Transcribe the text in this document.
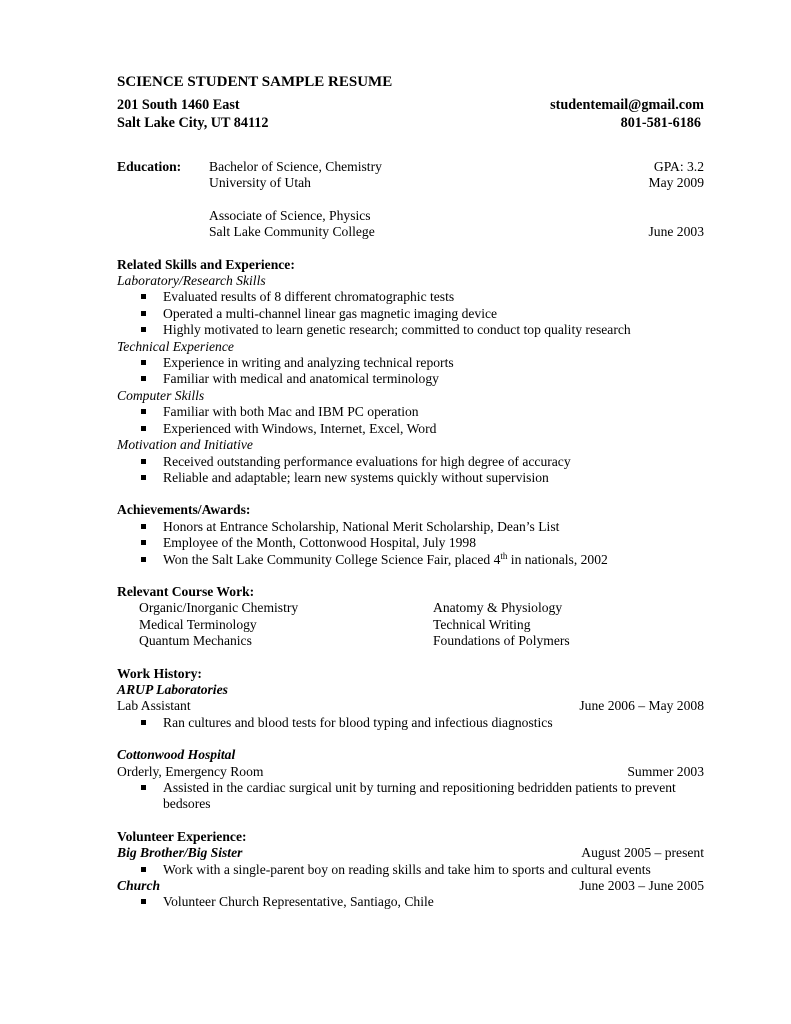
SCIENCE STUDENT SAMPLE RESUME
201 South 1460 East	studentemail@gmail.com
Salt Lake City, UT 84112	801-581-6186
Education:	Bachelor of Science, Chemistry	GPA: 3.2
University of Utah	May 2009
Associate of Science, Physics
Salt Lake Community College	June 2003
Related Skills and Experience:
Laboratory/Research Skills
Evaluated results of 8 different chromatographic tests
Operated a multi-channel linear gas magnetic imaging device
Highly motivated to learn genetic research; committed to conduct top quality research
Technical Experience
Experience in writing and analyzing technical reports
Familiar with medical and anatomical terminology
Computer Skills
Familiar with both Mac and IBM PC operation
Experienced with Windows, Internet, Excel, Word
Motivation and Initiative
Received outstanding performance evaluations for high degree of accuracy
Reliable and adaptable; learn new systems quickly without supervision
Achievements/Awards:
Honors at Entrance Scholarship, National Merit Scholarship, Dean’s List
Employee of the Month, Cottonwood Hospital, July 1998
Won the Salt Lake Community College Science Fair, placed 4th in nationals, 2002
Relevant Course Work:
Organic/Inorganic Chemistry	Anatomy & Physiology
Medical Terminology	Technical Writing
Quantum Mechanics	Foundations of Polymers
Work History:
ARUP Laboratories
Lab Assistant	June 2006 – May 2008
Ran cultures and blood tests for blood typing and infectious diagnostics
Cottonwood Hospital
Orderly, Emergency Room	Summer 2003
Assisted in the cardiac surgical unit by turning and repositioning bedridden patients to prevent bedsores
Volunteer Experience:
Big Brother/Big Sister	August 2005 – present
Work with a single-parent boy on reading skills and take him to sports and cultural events
Church	June 2003 – June 2005
Volunteer Church Representative, Santiago, Chile
